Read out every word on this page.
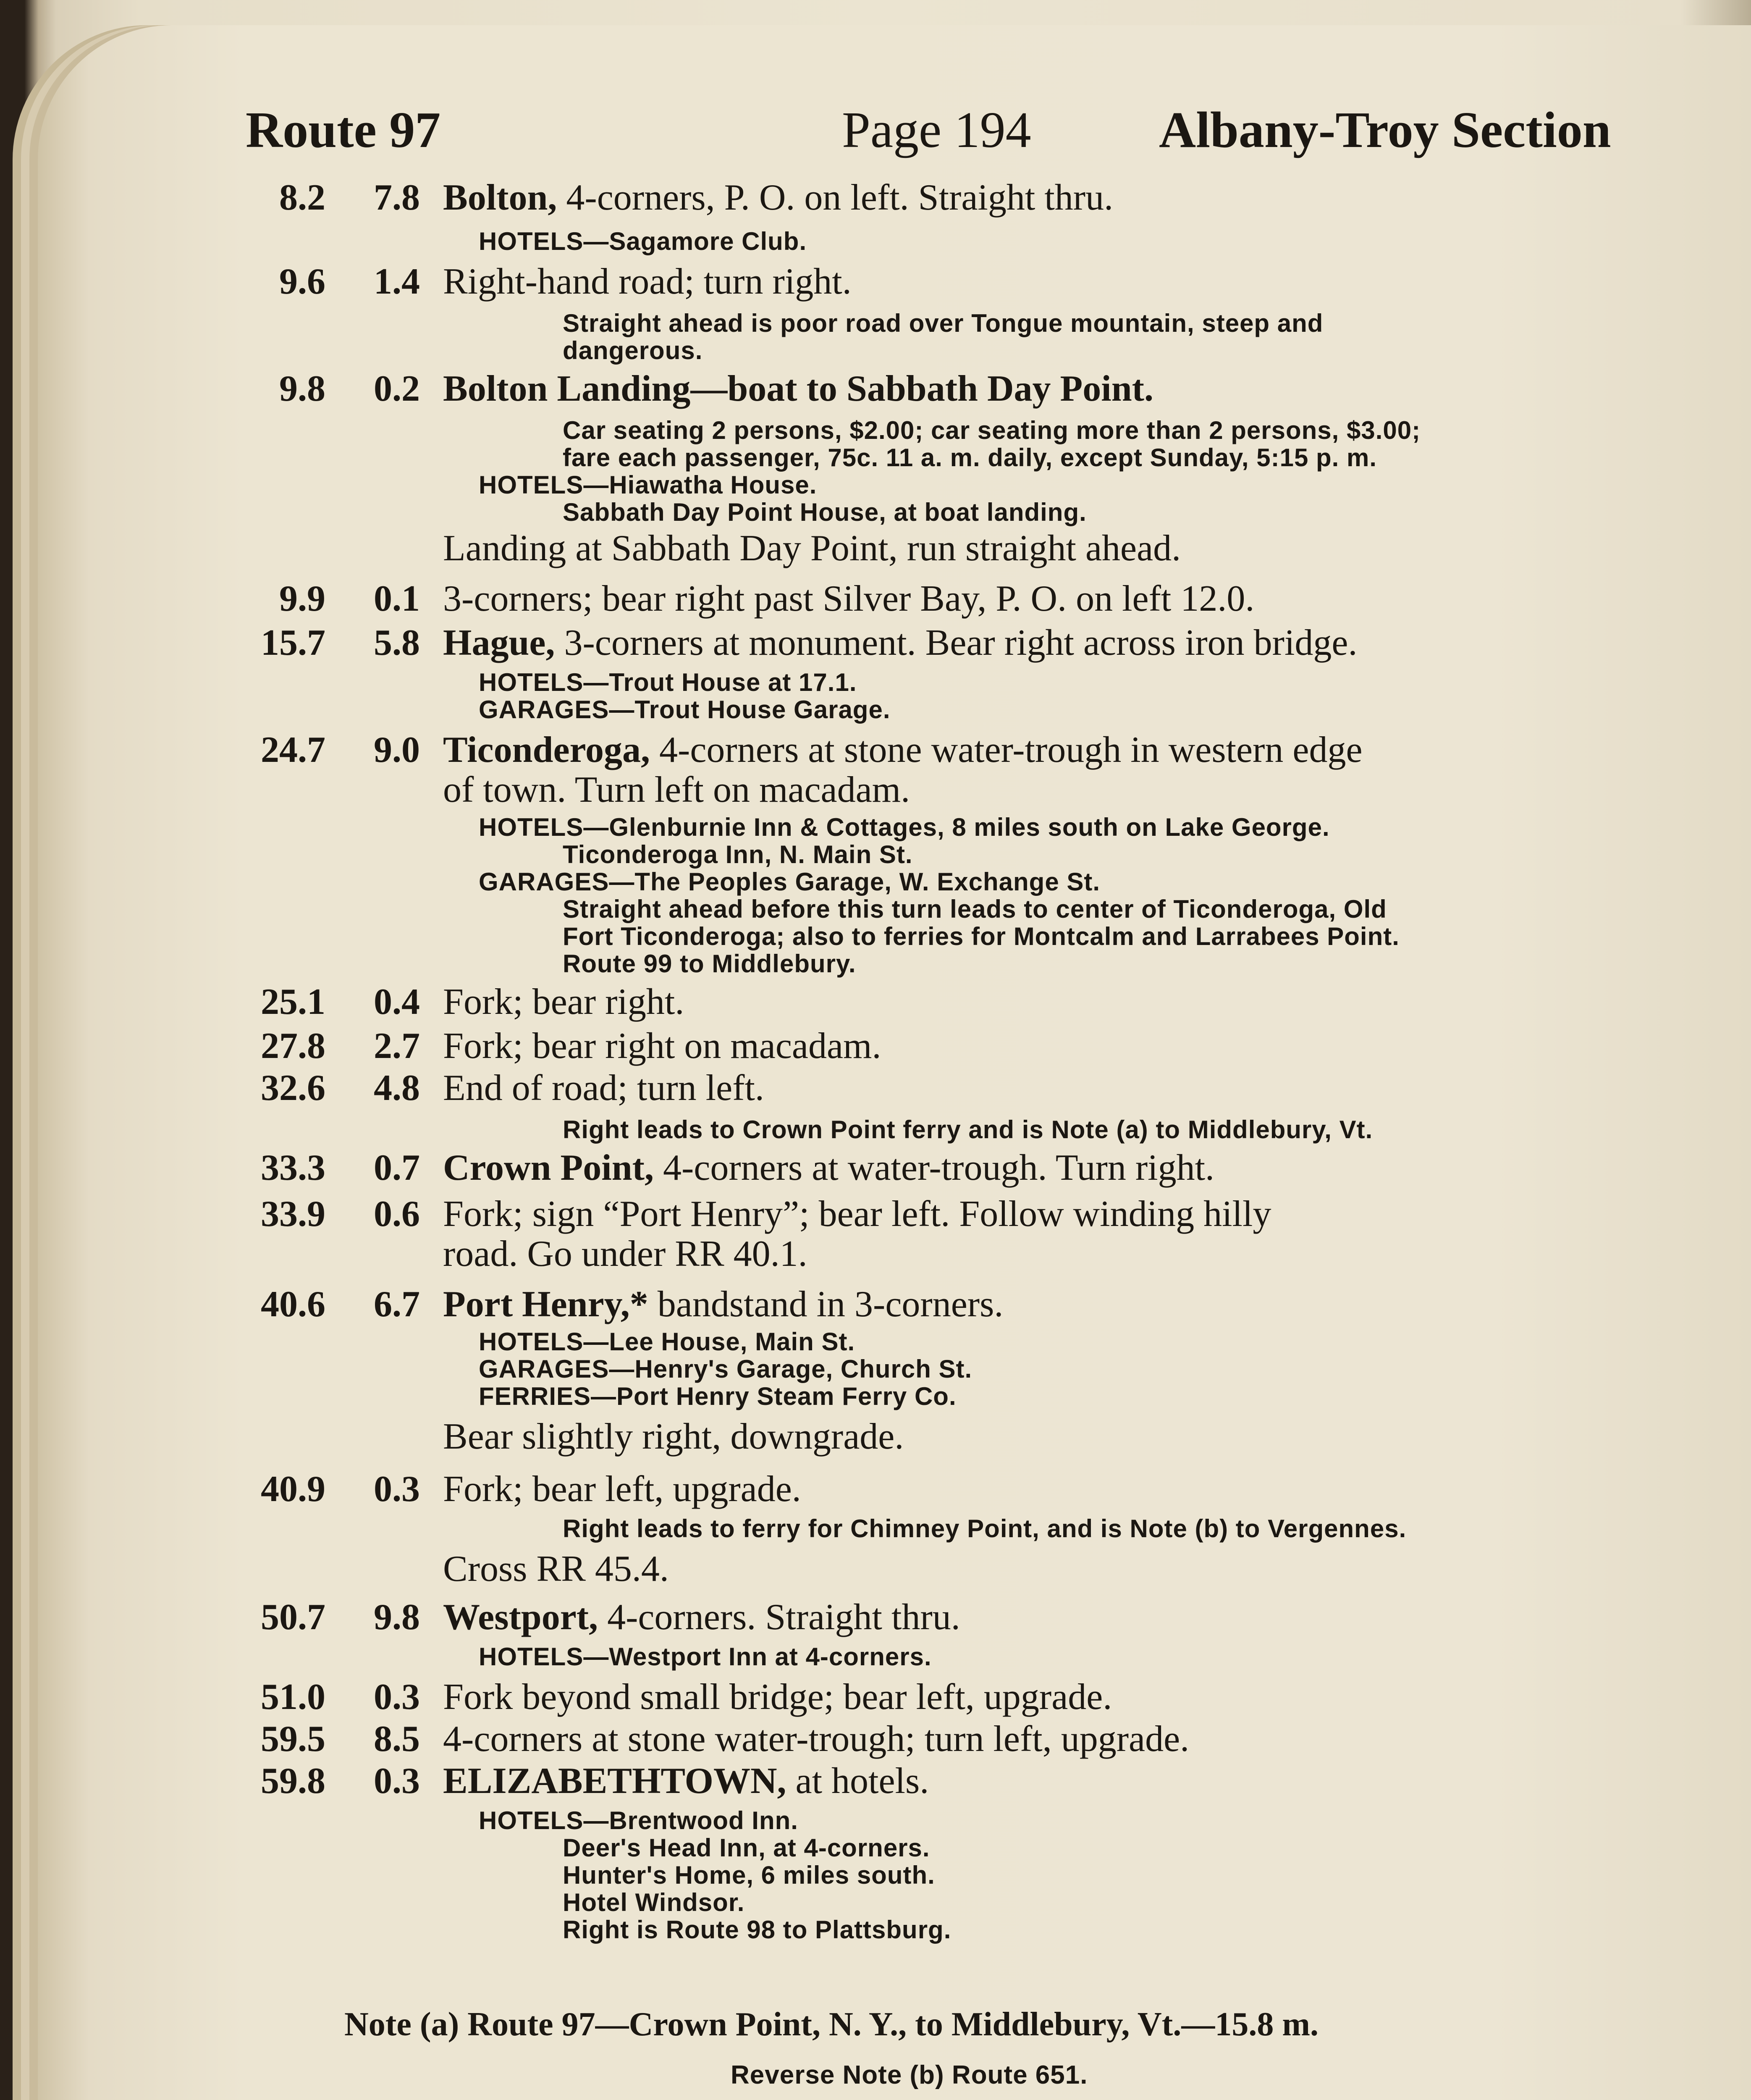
Route 97	Page 194 Albany-Troy Section
8.2	7.8 Bolton, 4-corners, P. O. on left. Straight thru.
HOTELS—Sagamore Club.
9.6	1.4 Right-hand road; turn right.
Straight ahead is poor road over Tongue mountain, steep and
dangerous.
9.8	0.2 Bolton Landing—boat to Sabbath Day Point.
Car seating 2 persons, $2.00; car seating more than 2 persons, $3.00;
fare each passenger, 75c. 11 a. m. daily, except Sunday, 5:15 p. m.
HOTELS—Hiawatha House.
Sabbath Day Point House, at boat landing.
Landing at Sabbath Day Point, run straight ahead.
9.9	0.1 3-corners; bear right past Silver Bay, P. O. on left 12.0.
15.7	5.8 Hague, 3-corners at monument. Bear right across iron bridge.
HOTELS—Trout House at 17.1.
GARAGES—Trout House Garage.
24.7	9.0 Ticonderoga, 4-corners at stone water-trough in western edge
of town. Turn left on macadam.
HOTELS—Glenburnie Inn & Cottages, 8 miles south on Lake George.
Ticonderoga Inn, N. Main St.
GARAGES—The Peoples Garage, W. Exchange St.
Straight ahead before this turn leads to center of Ticonderoga, Old
Fort Ticonderoga; also to ferries for Montcalm and Larrabees Point.
Route 99 to Middlebury.
25.1	0.4 Fork; bear right.
27.8	2.7 Fork; bear right on macadam.
32.6	4.8 End of road; turn left.
Right leads to Crown Point ferry and is Note (a) to Middlebury, Vt.
33.3	0.7 Crown Point, 4-corners at water-trough. Turn right.
33.9	0.6 Fork; sign “Port Henry”; bear left. Follow winding hilly
road. Go under RR 40.1.
40.6	6.7 Port Henry,* bandstand in 3-corners.
HOTELS—Lee House, Main St.
GARAGES—Henry's Garage, Church St.
FERRIES—Port Henry Steam Ferry Co.
Bear slightly right, downgrade.
40.9	0.3 Fork; bear left, upgrade.
Right leads to ferry for Chimney Point, and is Note (b) to Vergennes.
Cross RR 45.4.
50.7	9.8 Westport, 4-corners. Straight thru.
HOTELS—Westport Inn at 4-corners.
51.0	0.3 Fork beyond small bridge; bear left, upgrade.
59.5	8.5 4-corners at stone water-trough; turn left, upgrade.
59.8	0.3 ELIZABETHTOWN, at hotels.
HOTELS—Brentwood Inn.
Deer's Head Inn, at 4-corners.
Hunter's Home, 6 miles south.
Hotel Windsor.
Right is Route 98 to Plattsburg.
Note (a) Route 97—Crown Point, N. Y., to Middlebury, Vt.—15.8 m.
Reverse Note (b) Route 651.
